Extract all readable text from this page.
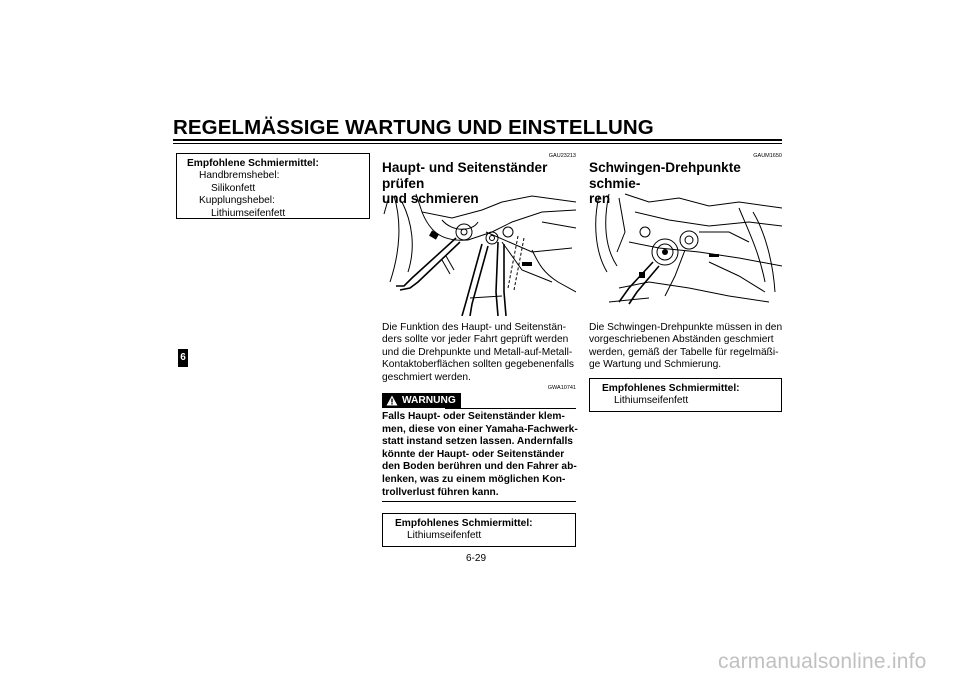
REGELMÄSSIGE WARTUNG UND EINSTELLUNG
6
Empfohlene Schmiermittel:
Handbremshebel:
Silikonfett
Kupplungshebel:
Lithiumseifenfett
GAU23213
Haupt- und Seitenständer prüfen
und schmieren
Die Funktion des Haupt- und Seitenstän-
ders sollte vor jeder Fahrt geprüft werden
und die Drehpunkte und Metall-auf-Metall-
Kontaktoberflächen sollten gegebenenfalls
geschmiert werden.
GWA10741
WARNUNG
Falls Haupt- oder Seitenständer klem-
men, diese von einer Yamaha-Fachwerk-
statt instand setzen lassen. Andernfalls
könnte der Haupt- oder Seitenständer
den Boden berühren und den Fahrer ab-
lenken, was zu einem möglichen Kon-
trollverlust führen kann.
Empfohlenes Schmiermittel:
Lithiumseifenfett
GAUM1650
Schwingen-Drehpunkte schmie-
ren
Die Schwingen-Drehpunkte müssen in den
vorgeschriebenen Abständen geschmiert
werden, gemäß der Tabelle für regelmäßi-
ge Wartung und Schmierung.
Empfohlenes Schmiermittel:
Lithiumseifenfett
6-29
carmanualsonline.info
